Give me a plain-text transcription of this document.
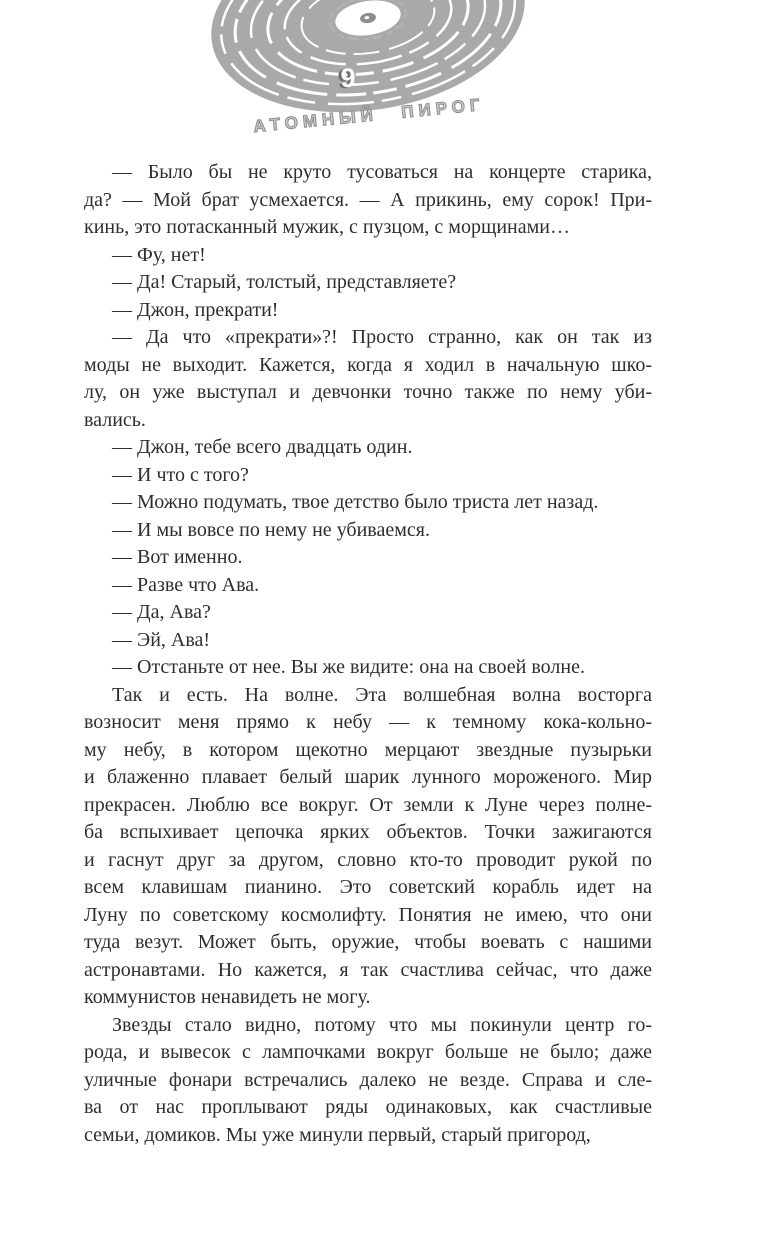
9
АТОМНЫЙ ПИРОГ
— Было бы не круто тусоваться на концерте старика,
да? — Мой брат усмехается. — А прикинь, ему сорок! При-
кинь, это потасканный мужик, с пузцом, с морщинами…
— Фу, нет!
— Да! Старый, толстый, представляете?
— Джон, прекрати!
— Да что «прекрати»?! Просто странно, как он так из
моды не выходит. Кажется, когда я ходил в начальную шко-
лу, он уже выступал и девчонки точно также по нему уби-
вались.
— Джон, тебе всего двадцать один.
— И что с того?
— Можно подумать, твое детство было триста лет назад.
— И мы вовсе по нему не убиваемся.
— Вот именно.
— Разве что Ава.
— Да, Ава?
— Эй, Ава!
— Отстаньте от нее. Вы же видите: она на своей волне.
Так и есть. На волне. Эта волшебная волна восторга
возносит меня прямо к небу — к темному кока-кольно-
му небу, в котором щекотно мерцают звездные пузырьки
и блаженно плавает белый шарик лунного мороженого. Мир
прекрасен. Люблю все вокруг. От земли к Луне через полне-
ба вспыхивает цепочка ярких объектов. Точки зажигаются
и гаснут друг за другом, словно кто-то проводит рукой по
всем клавишам пианино. Это советский корабль идет на
Луну по советскому космолифту. Понятия не имею, что они
туда везут. Может быть, оружие, чтобы воевать с нашими
астронавтами. Но кажется, я так счастлива сейчас, что даже
коммунистов ненавидеть не могу.
Звезды стало видно, потому что мы покинули центр го-
рода, и вывесок с лампочками вокруг больше не было; даже
уличные фонари встречались далеко не везде. Справа и сле-
ва от нас проплывают ряды одинаковых, как счастливые
семьи, домиков. Мы уже минули первый, старый пригород,
